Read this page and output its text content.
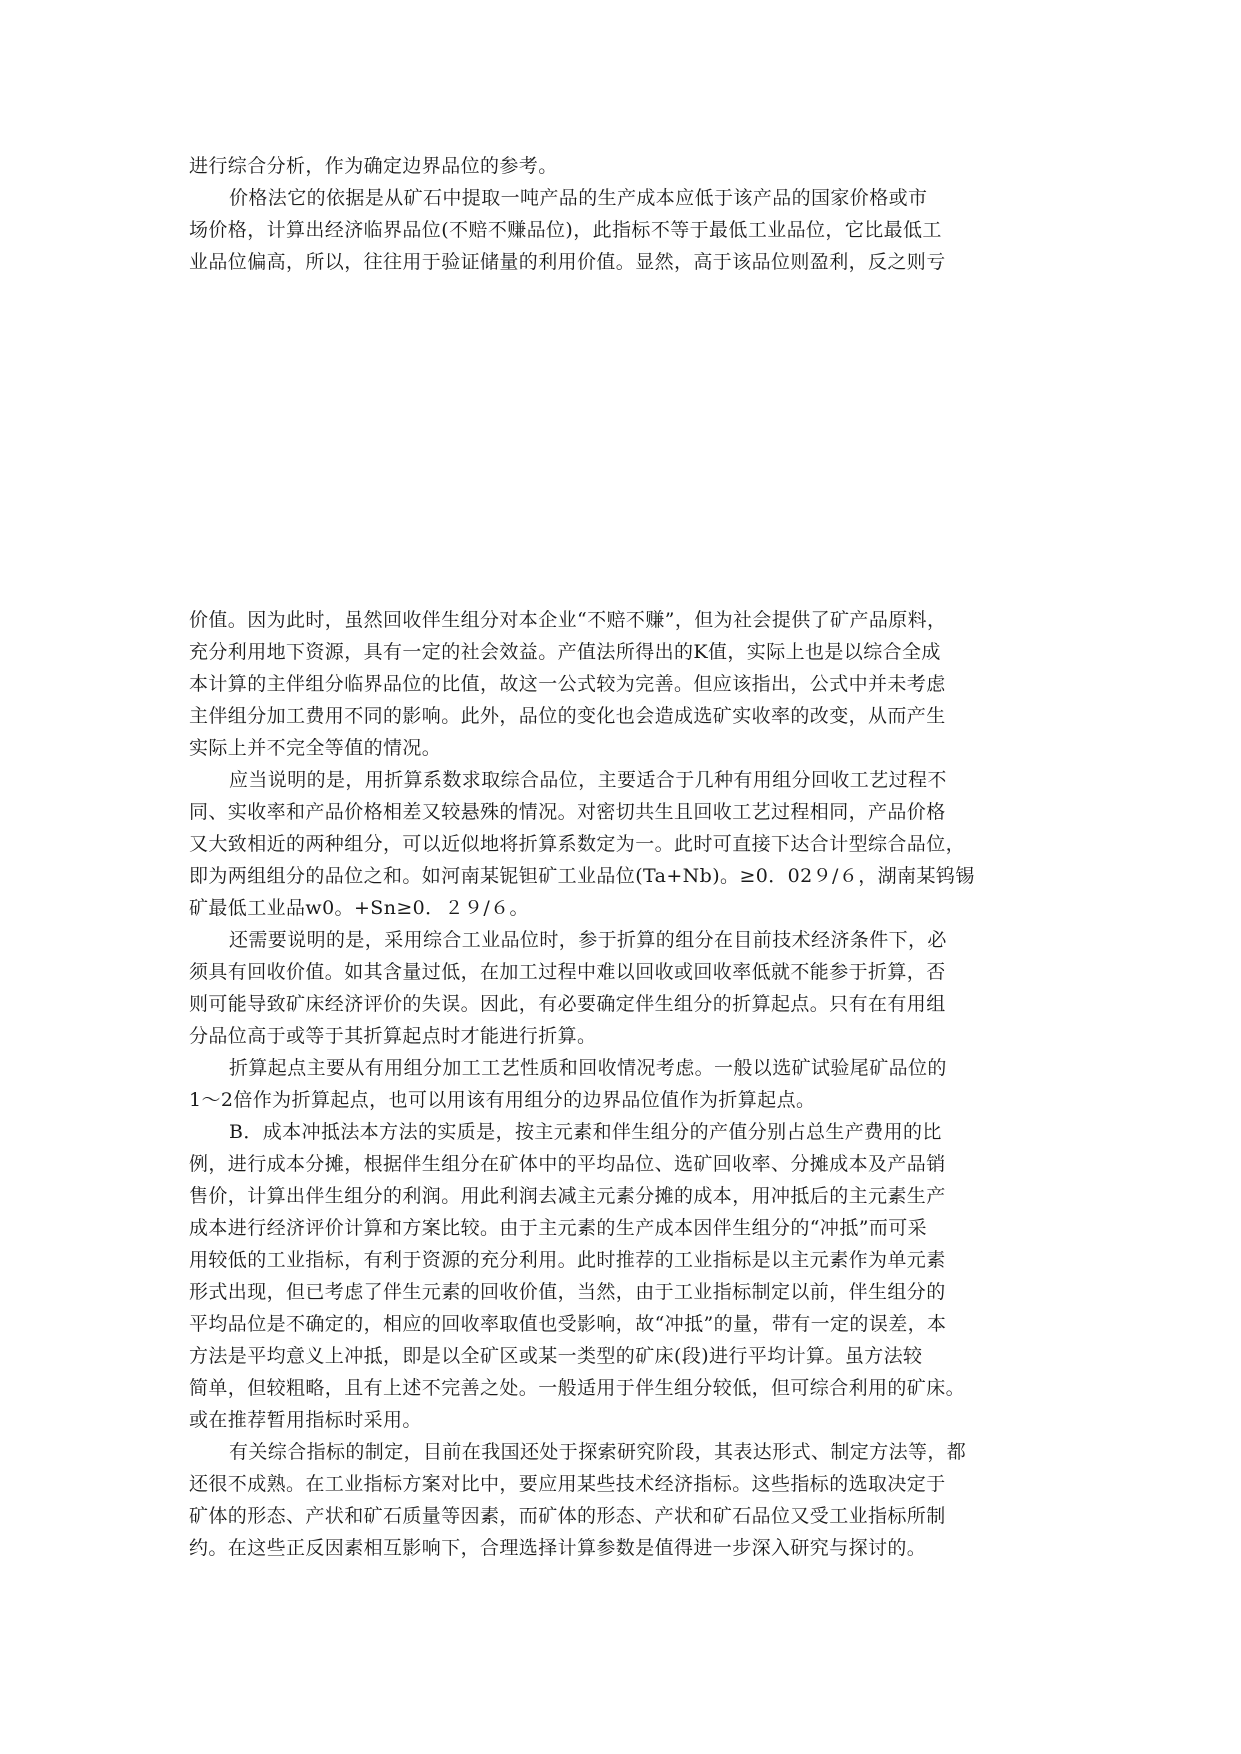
进行综合分析，作为确定边界品位的参考。
价格法它的依据是从矿石中提取一吨产品的生产成本应低于该产品的国家价格或市
场价格，计算出经济临界品位(不赔不赚品位)，此指标不等于最低工业品位，它比最低工
业品位偏高，所以，往往用于验证储量的利用价值。显然，高于该品位则盈利，反之则亏
价值。因为此时，虽然回收伴生组分对本企业“不赔不赚”，但为社会提供了矿产品原料，
充分利用地下资源，具有一定的社会效益。产值法所得出的K值，实际上也是以综合全成
本计算的主伴组分临界品位的比值，故这一公式较为完善。但应该指出，公式中并未考虑
主伴组分加工费用不同的影响。此外，品位的变化也会造成选矿实收率的改变，从而产生
实际上并不完全等值的情况。
应当说明的是，用折算系数求取综合品位，主要适合于几种有用组分回收工艺过程不
同、实收率和产品价格相差又较悬殊的情况。对密切共生且回收工艺过程相同，产品价格
又大致相近的两种组分，可以近似地将折算系数定为一。此时可直接下达合计型综合品位，
即为两组组分的品位之和。如河南某铌钽矿工业品位(Ta+Nb)。≥0．02９/６，湖南某钨锡
矿最低工业品w0。+Sn≥0．２９/６。
还需要说明的是，采用综合工业品位时，参于折算的组分在目前技术经济条件下，必
须具有回收价值。如其含量过低，在加工过程中难以回收或回收率低就不能参于折算，否
则可能导致矿床经济评价的失误。因此，有必要确定伴生组分的折算起点。只有在有用组
分品位高于或等于其折算起点时才能进行折算。
折算起点主要从有用组分加工工艺性质和回收情况考虑。一般以选矿试验尾矿品位的
1～2倍作为折算起点，也可以用该有用组分的边界品位值作为折算起点。
B．成本冲抵法本方法的实质是，按主元素和伴生组分的产值分别占总生产费用的比
例，进行成本分摊，根据伴生组分在矿体中的平均品位、选矿回收率、分摊成本及产品销
售价，计算出伴生组分的利润。用此利润去减主元素分摊的成本，用冲抵后的主元素生产
成本进行经济评价计算和方案比较。由于主元素的生产成本因伴生组分的“冲抵”而可采
用较低的工业指标，有利于资源的充分利用。此时推荐的工业指标是以主元素作为单元素
形式出现，但已考虑了伴生元素的回收价值，当然，由于工业指标制定以前，伴生组分的
平均品位是不确定的，相应的回收率取值也受影响，故“冲抵”的量，带有一定的误差，本
方法是平均意义上冲抵，即是以全矿区或某一类型的矿床(段)进行平均计算。虽方法较
简单，但较粗略，且有上述不完善之处。一般适用于伴生组分较低，但可综合利用的矿床。
或在推荐暂用指标时采用。
有关综合指标的制定，目前在我国还处于探索研究阶段，其表达形式、制定方法等，都
还很不成熟。在工业指标方案对比中，要应用某些技术经济指标。这些指标的选取决定于
矿体的形态、产状和矿石质量等因素，而矿体的形态、产状和矿石品位又受工业指标所制
约。在这些正反因素相互影响下，合理选择计算参数是值得进一步深入研究与探讨的。
